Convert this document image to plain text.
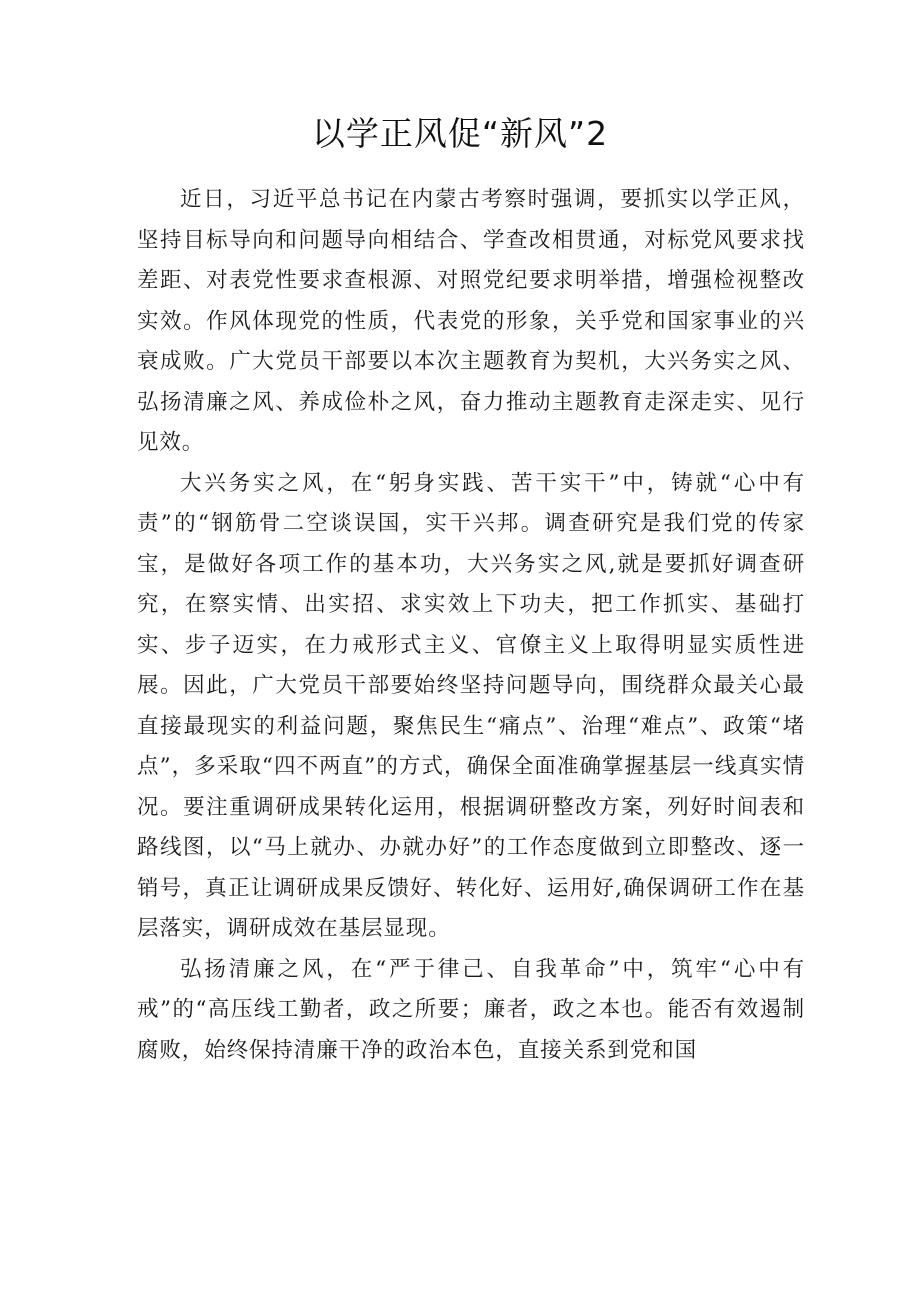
以学正风促“新风”2

近日，习近平总书记在内蒙古考察时强调，要抓实以学正风，坚持目标导向和问题导向相结合、学查改相贯通，对标党风要求找差距、对表党性要求查根源、对照党纪要求明举措，增强检视整改实效。作风体现党的性质，代表党的形象，关乎党和国家事业的兴衰成败。广大党员干部要以本次主题教育为契机，大兴务实之风、弘扬清廉之风、养成俭朴之风，奋力推动主题教育走深走实、见行见效。

大兴务实之风，在“躬身实践、苦干实干”中，铸就“心中有责”的“钢筋骨二空谈误国，实干兴邦。调查研究是我们党的传家宝，是做好各项工作的基本功，大兴务实之风,就是要抓好调查研究，在察实情、出实招、求实效上下功夫，把工作抓实、基础打实、步子迈实，在力戒形式主义、官僚主义上取得明显实质性进展。因此，广大党员干部要始终坚持问题导向，围绕群众最关心最直接最现实的利益问题，聚焦民生“痛点”、治理“难点”、政策“堵点”，多采取“四不两直”的方式，确保全面准确掌握基层一线真实情况。要注重调研成果转化运用，根据调研整改方案，列好时间表和路线图，以“马上就办、办就办好”的工作态度做到立即整改、逐一销号，真正让调研成果反馈好、转化好、运用好,确保调研工作在基层落实，调研成效在基层显现。

弘扬清廉之风，在“严于律己、自我革命”中，筑牢“心中有戒”的“高压线工勤者，政之所要；廉者，政之本也。能否有效遏制腐败，始终保持清廉干净的政治本色，直接关系到党和国
